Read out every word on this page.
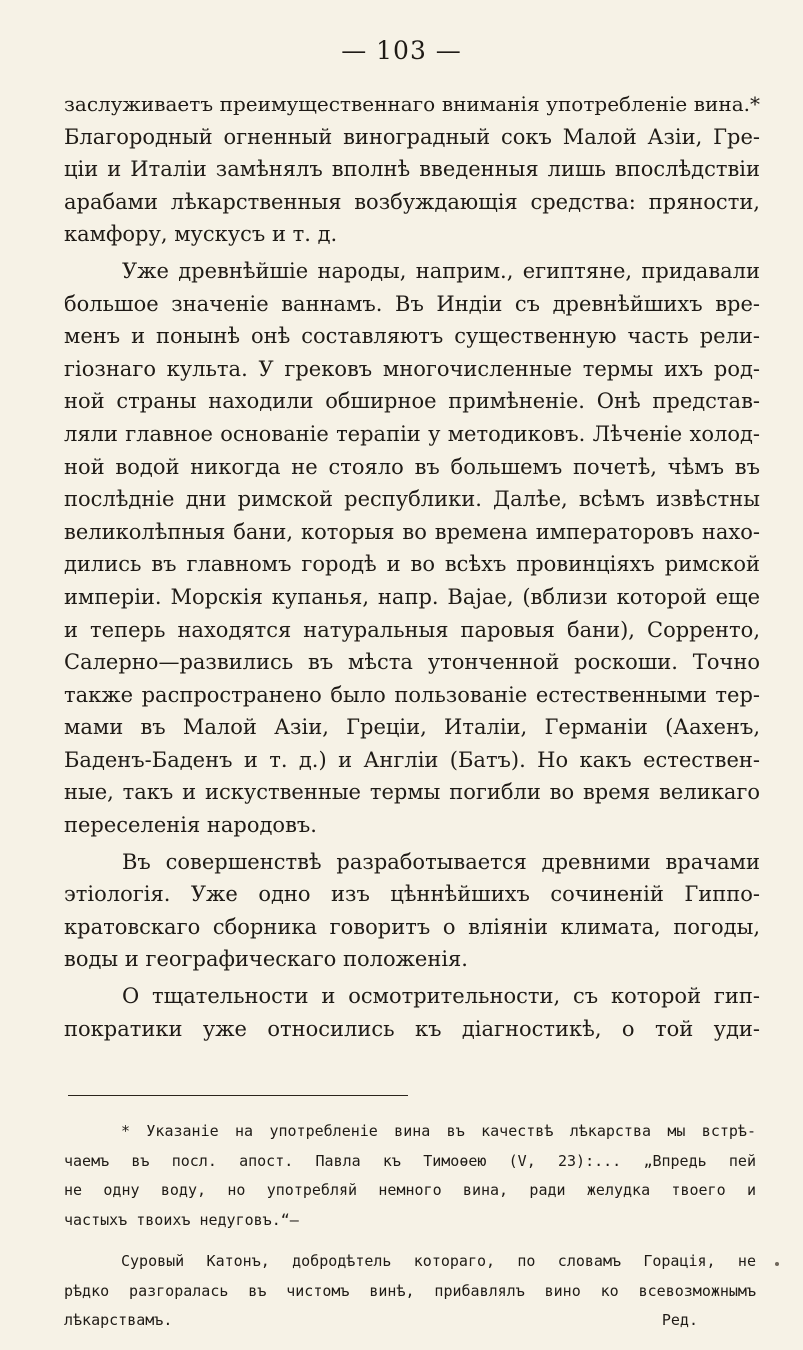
— 103 —
заслуживаетъ преимущественнаго вниманія употребленіе вина.*
Благородный огненный виноградный сокъ Малой Азіи, Гре-
ціи и Италіи замѣнялъ вполнѣ введенныя лишь впослѣдствіи
арабами лѣкарственныя возбуждающія средства: пряности,
камфору, мускусъ и т. д.
Уже древнѣйшіе народы, наприм., египтяне, придавали
большое значеніе ваннамъ. Въ Индіи съ древнѣйшихъ вре-
менъ и понынѣ онѣ составляютъ существенную часть рели-
гіознаго культа. У грековъ многочисленные термы ихъ род-
ной страны находили обширное примѣненіе. Онѣ представ-
ляли главное основаніе терапіи у методиковъ. Лѣченіе холод-
ной водой никогда не стояло въ большемъ почетѣ, чѣмъ въ
послѣдніе дни римской республики. Далѣе, всѣмъ извѣстны
великолѣпныя бани, которыя во времена императоровъ нахо-
дились въ главномъ городѣ и во всѣхъ провинціяхъ римской
имперіи. Морскія купанья, напр. Вајае, (вблизи которой еще
и теперь находятся натуральныя паровыя бани), Сорренто,
Салерно—развились въ мѣста утонченной роскоши. Точно
также распространено было пользованіе естественными тер-
мами въ Малой Азіи, Греціи, Италіи, Германіи (Аахенъ,
Баденъ-Баденъ и т. д.) и Англіи (Батъ). Но какъ естествен-
ные, такъ и искуственные термы погибли во время великаго
переселенія народовъ.
Въ совершенствѣ разработывается древними врачами
этіологія. Уже одно изъ цѣннѣйшихъ сочиненій Гиппо-
кратовскаго сборника говоритъ о вліяніи климата, погоды,
воды и географическаго положенія.
О тщательности и осмотрительности, съ которой гип-
пократики уже относились къ діагностикѣ, о той уди-
* Указаніе на употребленіе вина въ качествѣ лѣкарства мы встрѣ-
чаемъ въ посл. апост. Павла къ Тимоѳею (V, 23):... „Впредь пей
не одну воду, но употребляй немного вина, ради желудка твоего и
частыхъ твоихъ недуговъ.“—
Суровый Катонъ, добродѣтель котораго, по словамъ Горація, не
рѣдко разгоралась въ чистомъ винѣ, прибавлялъ вино ко всевозможнымъ
лѣкарствамъ.	Ред.
